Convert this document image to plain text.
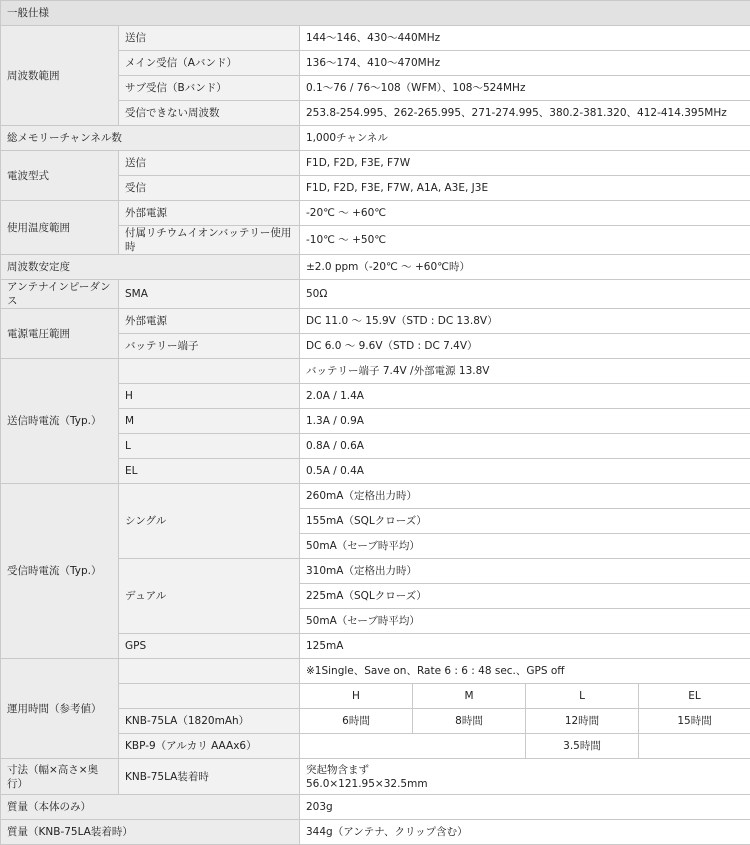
一般仕様					
周波数範囲	送信	144〜146、430〜440MHz			
	メイン受信（Aバンド）	136〜174、410〜470MHz			
	サブ受信（Bバンド）	0.1〜76 / 76〜108（WFM）、108〜524MHz			
	受信できない周波数	253.8-254.995、262-265.995、271-274.995、380.2-381.320、412-414.395MHz			
総メモリーチャンネル数		1,000チャンネル			
電波型式	送信	F1D, F2D, F3E, F7W			
	受信	F1D, F2D, F3E, F7W, A1A, A3E, J3E			
使用温度範囲	外部電源	-20℃ 〜 +60℃			
	付属リチウムイオンバッテリー使用時	-10℃ 〜 +50℃			
周波数安定度		±2.0 ppm（-20℃ 〜 +60℃時）			
アンテナインピーダンス	SMA	50Ω			
電源電圧範囲	外部電源	DC 11.0 〜 15.9V（STD : DC 13.8V）			
	バッテリー端子	DC 6.0 〜 9.6V（STD : DC 7.4V）			
送信時電流（Typ.）		バッテリー端子 7.4V /外部電源 13.8V			
	H	2.0A / 1.4A			
	M	1.3A / 0.9A			
	L	0.8A / 0.6A			
	EL	0.5A / 0.4A			
受信時電流（Typ.）	シングル	260mA（定格出力時）			
		155mA（SQLクローズ）			
		50mA（セーブ時平均）			
	デュアル	310mA（定格出力時）			
		225mA（SQLクローズ）			
		50mA（セーブ時平均）			
	GPS	125mA			
運用時間（参考値）		※1Single、Save on、Rate 6 : 6 : 48 sec.、GPS off			
		H	M	L	EL
	KNB-75LA（1820mAh）	6時間	8時間	12時間	15時間
	KBP-9（アルカリ AAAx6）			3.5時間	
寸法（幅×高さ×奥行）	KNB-75LA装着時	突起物含まず
56.0×121.95×32.5mm			

質量（本体のみ）		203g			
質量（KNB-75LA装着時）		344g（アンテナ、クリップ含む）			
